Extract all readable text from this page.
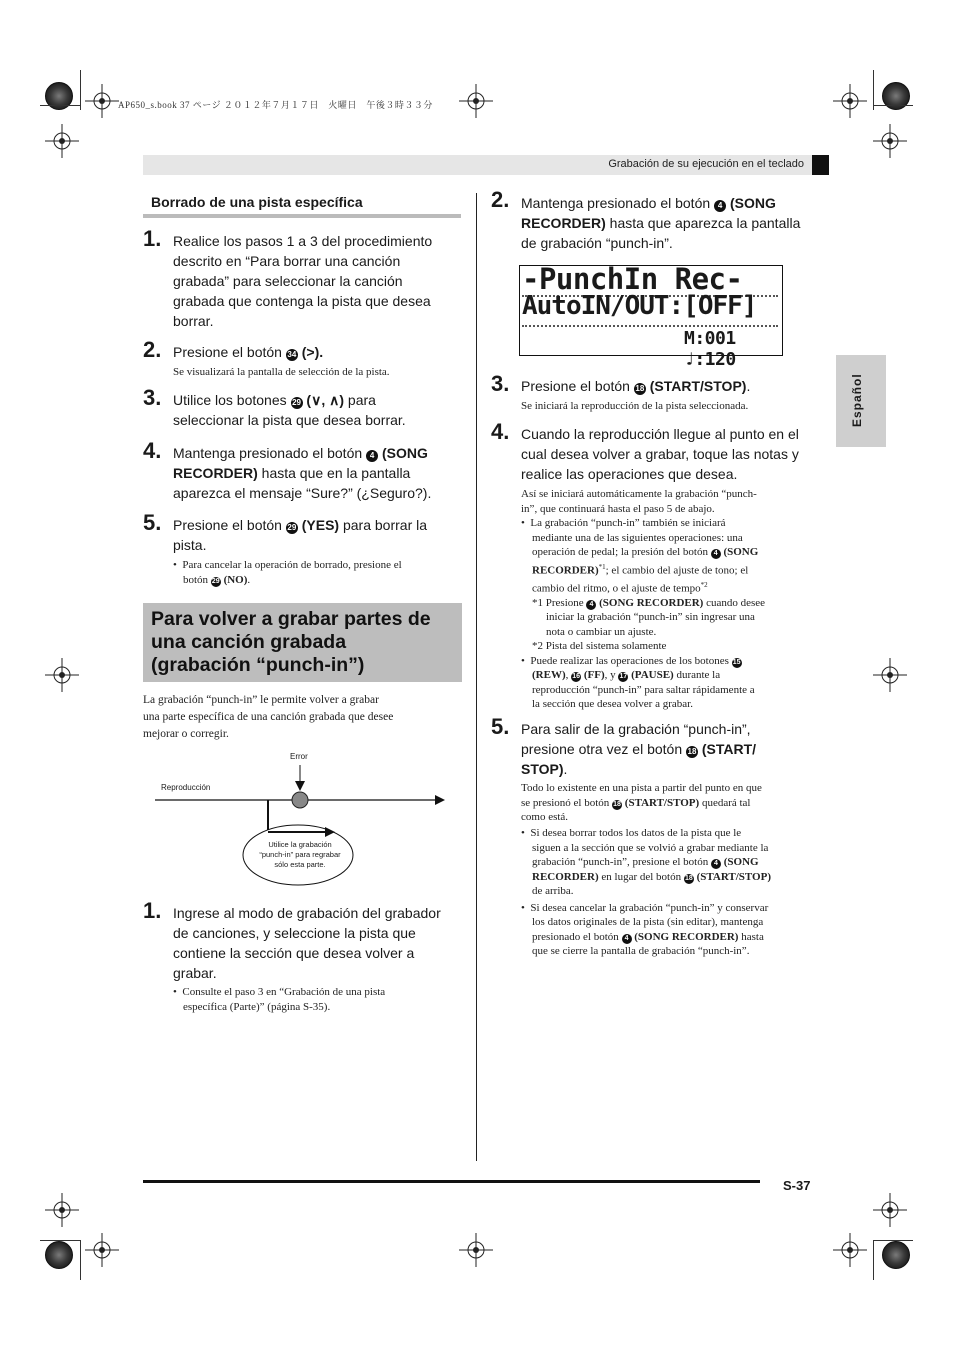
AP650_s.book 37 ページ ２０１２年７月１７日　火曜日　午後３時３３分
Grabación de su ejecución en el teclado
Español
S-37
Borrado de una pista específica
1. Realice los pasos 1 a 3 del procedimiento
descrito en “Para borrar una canción
grabada” para seleccionar la canción
grabada que contenga la pista que desea
borrar.
2. Presione el botón 34 (>).
Se visualizará la pantalla de selección de la pista.
3. Utilice los botones 29 (∨, ∧) para
seleccionar la pista que desea borrar.
4. Mantenga presionado el botón 4 (SONG
RECORDER) hasta que en la pantalla
aparezca el mensaje “Sure?” (¿Seguro?).
5. Presione el botón 29 (YES) para borrar la
pista.
•  Para cancelar la operación de borrado, presione el
botón 29 (NO).
Para volver a grabar partes de
una canción grabada
(grabación “punch-in”)
La grabación “punch-in” le permite volver a grabar
una parte específica de una canción grabada que desee
mejorar o corregir.
Error
Reproducción
Utilice la grabación
“punch-in” para regrabar
sólo esta parte.
1. Ingrese al modo de grabación del grabador
de canciones, y seleccione la pista que
contiene la sección que desea volver a
grabar.
•  Consulte el paso 3 en “Grabación de una pista
específica (Parte)” (página S-35).
2. Mantenga presionado el botón 4 (SONG
RECORDER) hasta que aparezca la pantalla
de grabación “punch-in”.
-PunchIn Rec-
AutoIN/OUT:[OFF]
M:001 ♩:120
3. Presione el botón 18 (START/STOP).
Se iniciará la reproducción de la pista seleccionada.
4. Cuando la reproducción llegue al punto en el
cual desea volver a grabar, toque las notas y
realice las operaciones que desea.
Así se iniciará automáticamente la grabación “punch-
in”, que continuará hasta el paso 5 de abajo.
•  La grabación “punch-in” también se iniciará
mediante una de las siguientes operaciones: una
operación de pedal; la presión del botón 4 (SONG
RECORDER)$^{*1}$; el cambio del ajuste de tono; el
cambio del ritmo, o el ajuste de tempo$^{*2}$
*1 Presione 4 (SONG RECORDER) cuando desee
iniciar la grabación “punch-in” sin ingresar una
nota o cambiar un ajuste.
*2 Pista del sistema solamente
•  Puede realizar las operaciones de los botones 15
(REW), 16 (FF), y 17 (PAUSE) durante la
reproducción “punch-in” para saltar rápidamente a
la sección que desea volver a grabar.
5. Para salir de la grabación “punch-in”,
presione otra vez el botón 18 (START/
STOP).
Todo lo existente en una pista a partir del punto en que
se presionó el botón 18 (START/STOP) quedará tal
como está.
•  Si desea borrar todos los datos de la pista que le
siguen a la sección que se volvió a grabar mediante la
grabación “punch-in”, presione el botón 4 (SONG
RECORDER) en lugar del botón 18 (START/STOP)
de arriba.
•  Si desea cancelar la grabación “punch-in” y conservar
los datos originales de la pista (sin editar), mantenga
presionado el botón 4 (SONG RECORDER) hasta
que se cierre la pantalla de grabación “punch-in”.
